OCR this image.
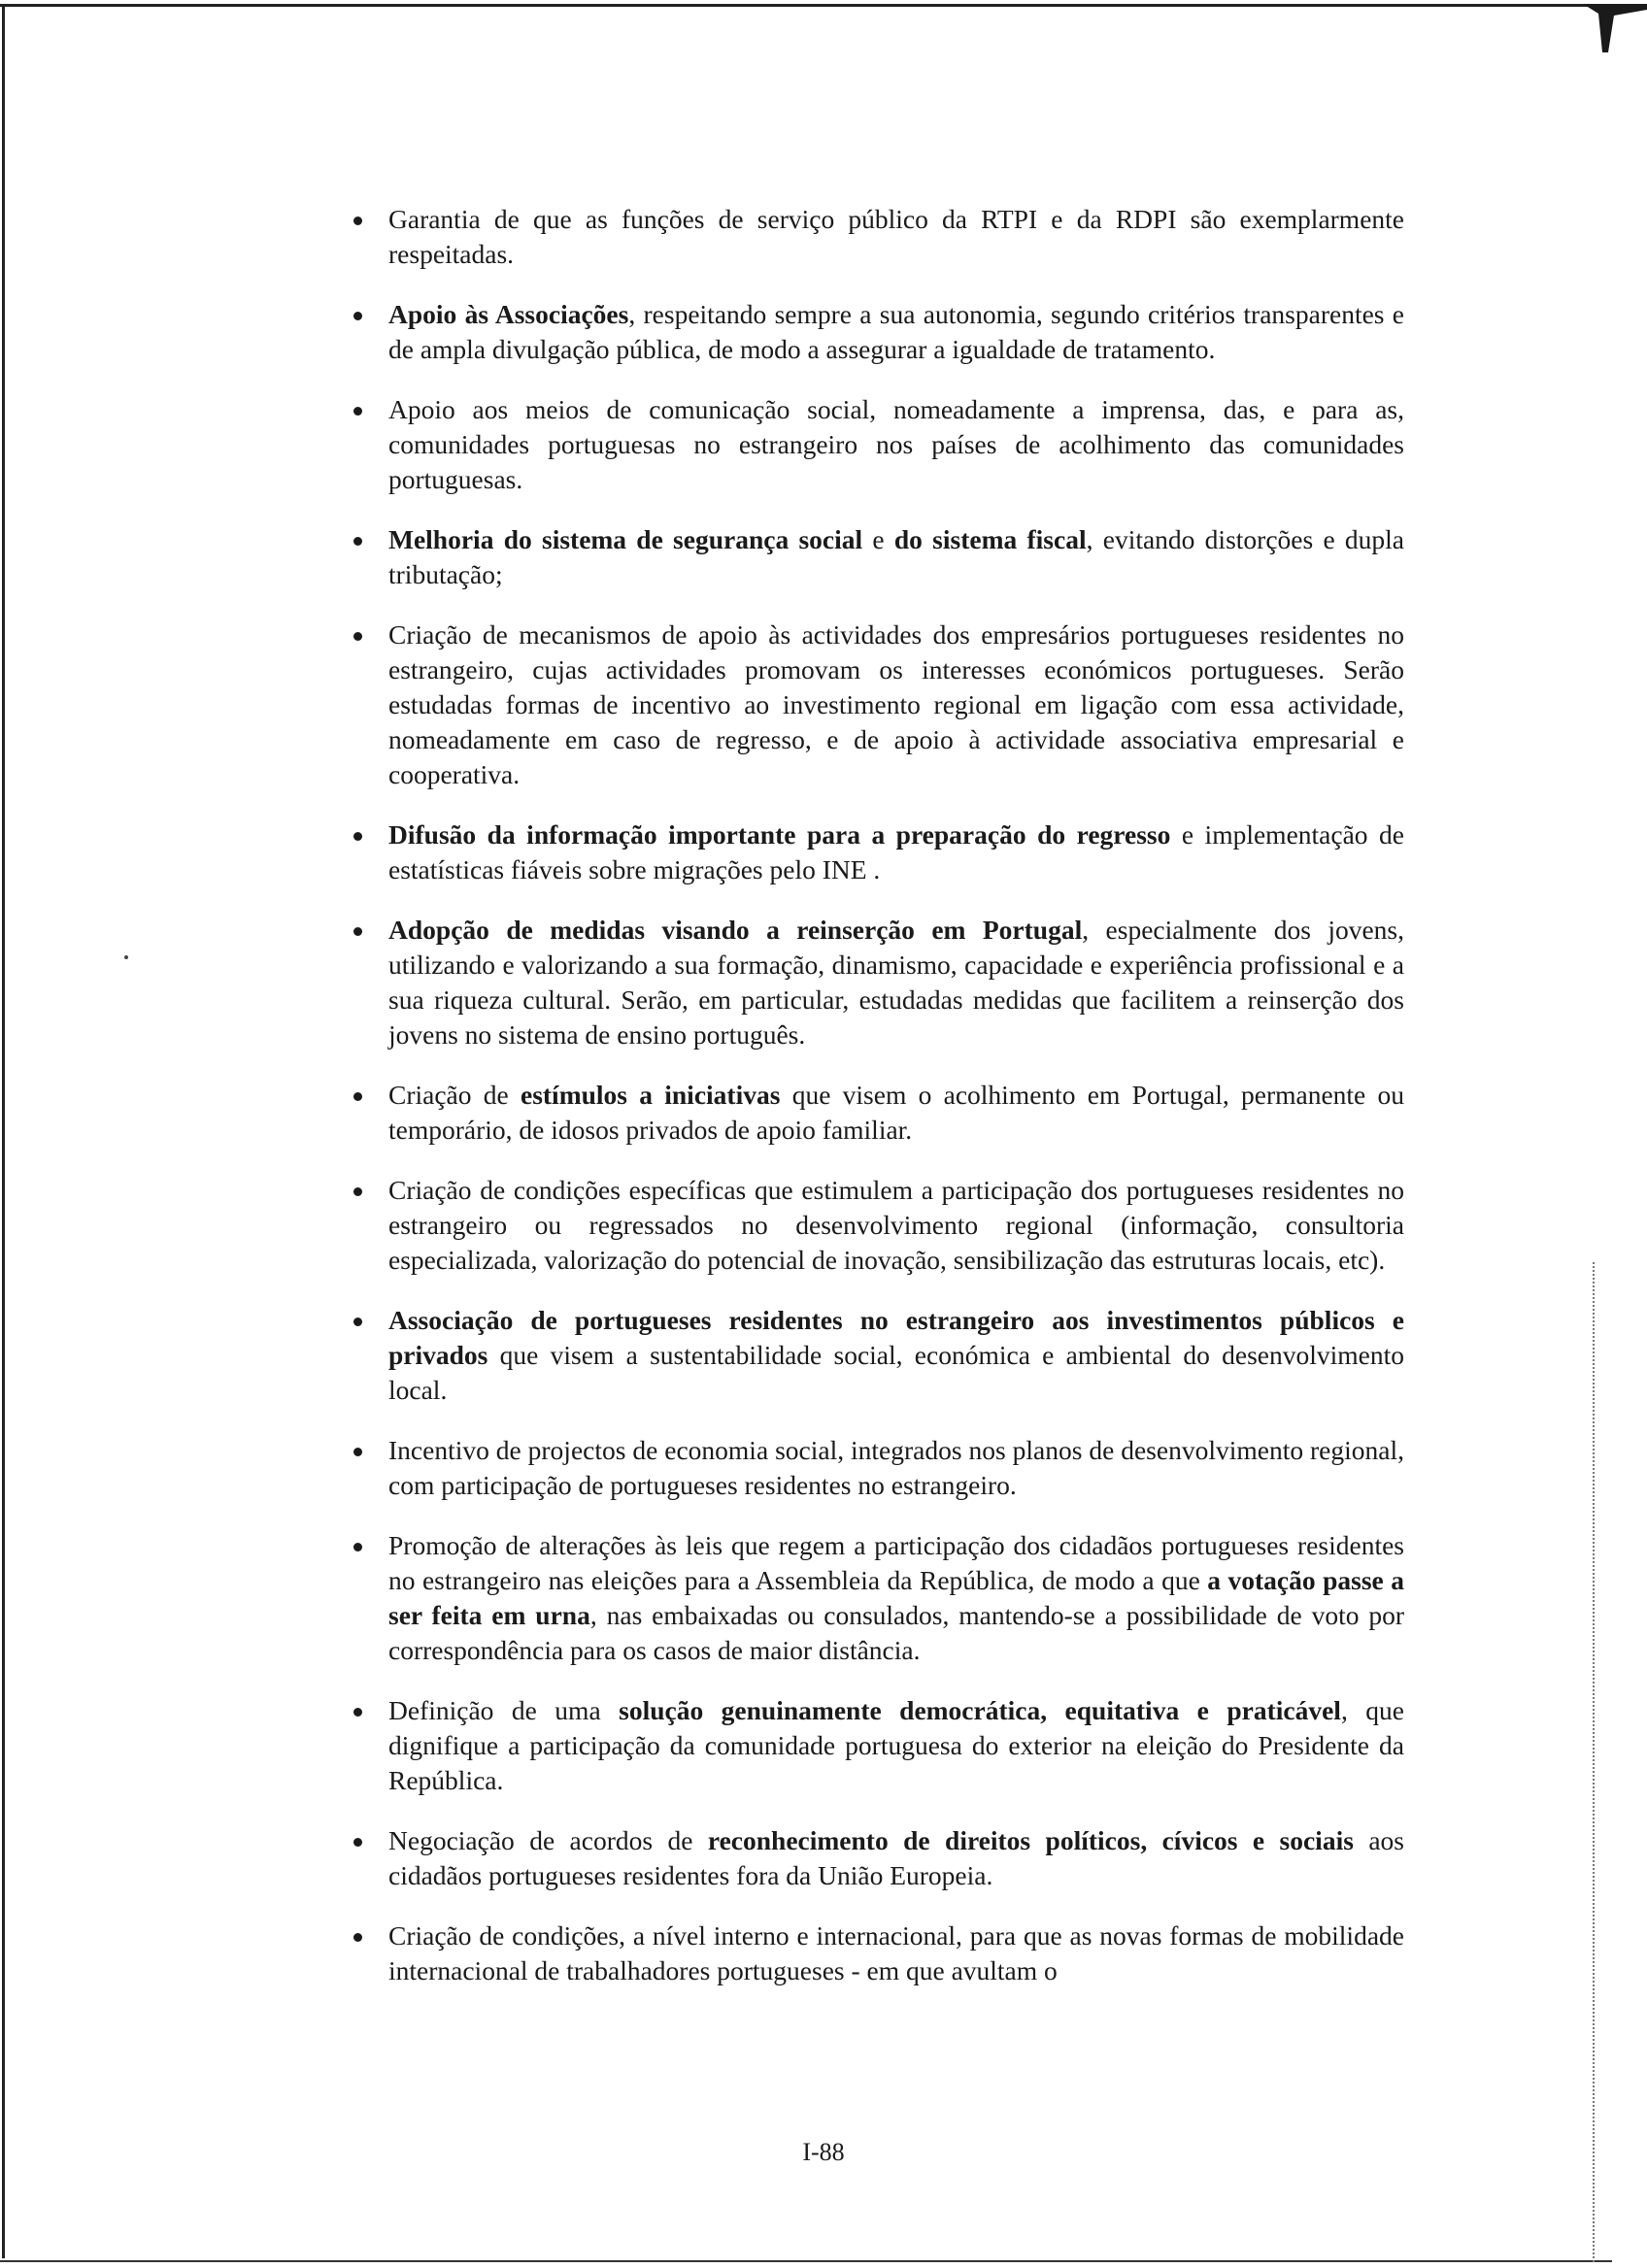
Garantia de que as funções de serviço público da RTPI e da RDPI são exemplarmente respeitadas.
Apoio às Associações, respeitando sempre a sua autonomia, segundo critérios transparentes e de ampla divulgação pública, de modo a assegurar a igualdade de tratamento.
Apoio aos meios de comunicação social, nomeadamente a imprensa, das, e para as, comunidades portuguesas no estrangeiro nos países de acolhimento das comunidades portuguesas.
Melhoria do sistema de segurança social e do sistema fiscal, evitando distorções e dupla tributação;
Criação de mecanismos de apoio às actividades dos empresários portugueses residentes no estrangeiro, cujas actividades promovam os interesses económicos portugueses. Serão estudadas formas de incentivo ao investimento regional em ligação com essa actividade, nomeadamente em caso de regresso, e de apoio à actividade associativa empresarial e cooperativa.
Difusão da informação importante para a preparação do regresso e implementação de estatísticas fiáveis sobre migrações pelo INE .
Adopção de medidas visando a reinserção em Portugal, especialmente dos jovens, utilizando e valorizando a sua formação, dinamismo, capacidade e experiência profissional e a sua riqueza cultural. Serão, em particular, estudadas medidas que facilitem a reinserção dos jovens no sistema de ensino português.
Criação de estímulos a iniciativas que visem o acolhimento em Portugal, permanente ou temporário, de idosos privados de apoio familiar.
Criação de condições específicas que estimulem a participação dos portugueses residentes no estrangeiro ou regressados no desenvolvimento regional (informação, consultoria especializada, valorização do potencial de inovação, sensibilização das estruturas locais, etc).
Associação de portugueses residentes no estrangeiro aos investimentos públicos e privados que visem a sustentabilidade social, económica e ambiental do desenvolvimento local.
Incentivo de projectos de economia social, integrados nos planos de desenvolvimento regional, com participação de portugueses residentes no estrangeiro.
Promoção de alterações às leis que regem a participação dos cidadãos portugueses residentes no estrangeiro nas eleições para a Assembleia da República, de modo a que a votação passe a ser feita em urna, nas embaixadas ou consulados, mantendo-se a possibilidade de voto por correspondência para os casos de maior distância.
Definição de uma solução genuinamente democrática, equitativa e praticável, que dignifique a participação da comunidade portuguesa do exterior na eleição do Presidente da República.
Negociação de acordos de reconhecimento de direitos políticos, cívicos e sociais aos cidadãos portugueses residentes fora da União Europeia.
Criação de condições, a nível interno e internacional, para que as novas formas de mobilidade internacional de trabalhadores portugueses - em que avultam o
I-88
